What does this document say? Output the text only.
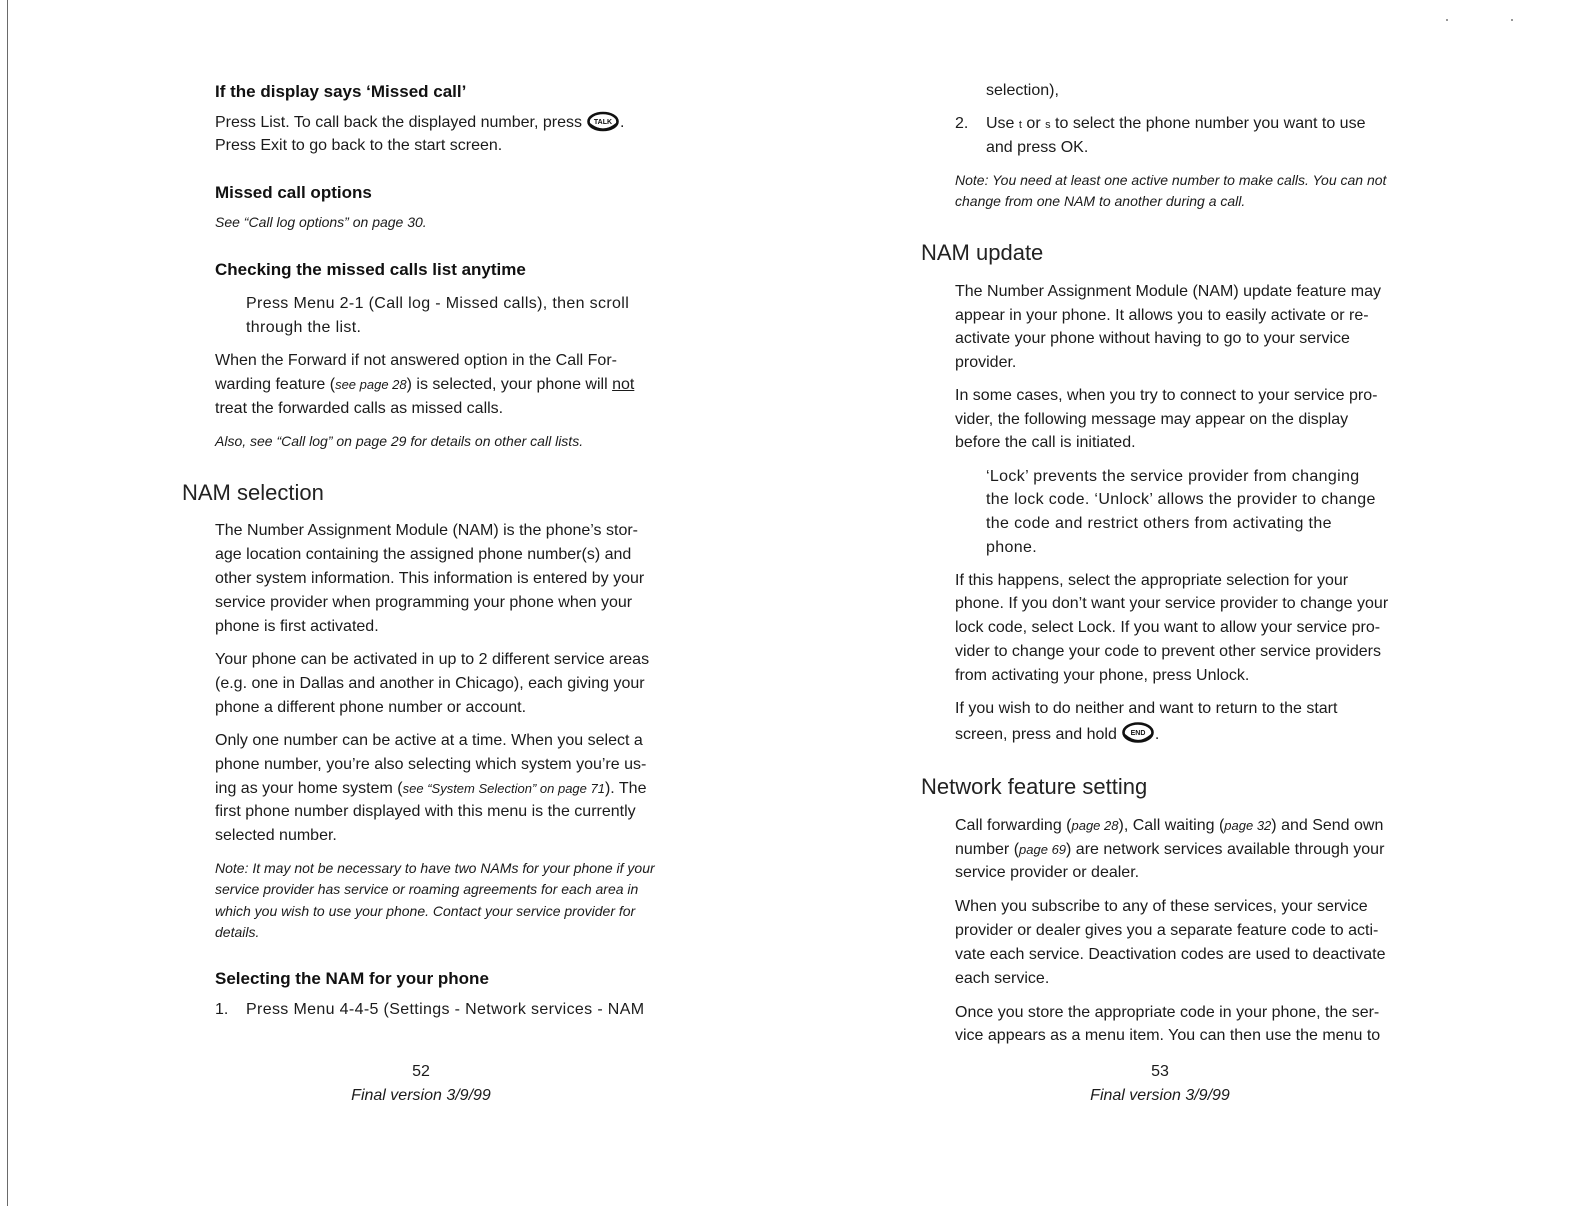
If the display says ‘Missed call’
Press List. To call back the displayed number, press TALK .
Press Exit to go back to the start screen.
Missed call options
See “Call log options” on page 30.
Checking the missed calls list anytime
Press Menu 2-1 (Call log - Missed calls), then scroll
through the list.
When the Forward if not answered option in the Call For-
warding feature (see page 28) is selected, your phone will not
treat the forwarded calls as missed calls.
Also, see “Call log” on page 29 for details on other call lists.
NAM selection
The Number Assignment Module (NAM) is the phone’s stor-
age location containing the assigned phone number(s) and
other system information. This information is entered by your
service provider when programming your phone when your
phone is first activated.
Your phone can be activated in up to 2 different service areas
(e.g. one in Dallas and another in Chicago), each giving your
phone a different phone number or account.
Only one number can be active at a time. When you select a
phone number, you’re also selecting which system you’re us-
ing as your home system (see “System Selection” on page 71). The
first phone number displayed with this menu is the currently
selected number.
Note: It may not be necessary to have two NAMs for your phone if your
service provider has service or roaming agreements for each area in
which you wish to use your phone. Contact your service provider for
details.
Selecting the NAM for your phone
1. Press Menu 4-4-5 (Settings - Network services - NAM
52
Final version 3/9/99
selection),
2. Use t or s to select the phone number you want to use
and press OK.
Note: You need at least one active number to make calls. You can not
change from one NAM to another during a call.
NAM update
The Number Assignment Module (NAM) update feature may
appear in your phone. It allows you to easily activate or re-
activate your phone without having to go to your service
provider.
In some cases, when you try to connect to your service pro-
vider, the following message may appear on the display
before the call is initiated.
‘Lock’ prevents the service provider from changing
the lock code. ‘Unlock’ allows the provider to change
the code and restrict others from activating the
phone.
If this happens, select the appropriate selection for your
phone. If you don’t want your service provider to change your
lock code, select Lock. If you want to allow your service pro-
vider to change your code to prevent other service providers
from activating your phone, press Unlock.
If you wish to do neither and want to return to the start
screen, press and hold END .
Network feature setting
Call forwarding (page 28), Call waiting (page 32) and Send own
number (page 69) are network services available through your
service provider or dealer.
When you subscribe to any of these services, your service
provider or dealer gives you a separate feature code to acti-
vate each service. Deactivation codes are used to deactivate
each service.
Once you store the appropriate code in your phone, the ser-
vice appears as a menu item. You can then use the menu to
53
Final version 3/9/99
